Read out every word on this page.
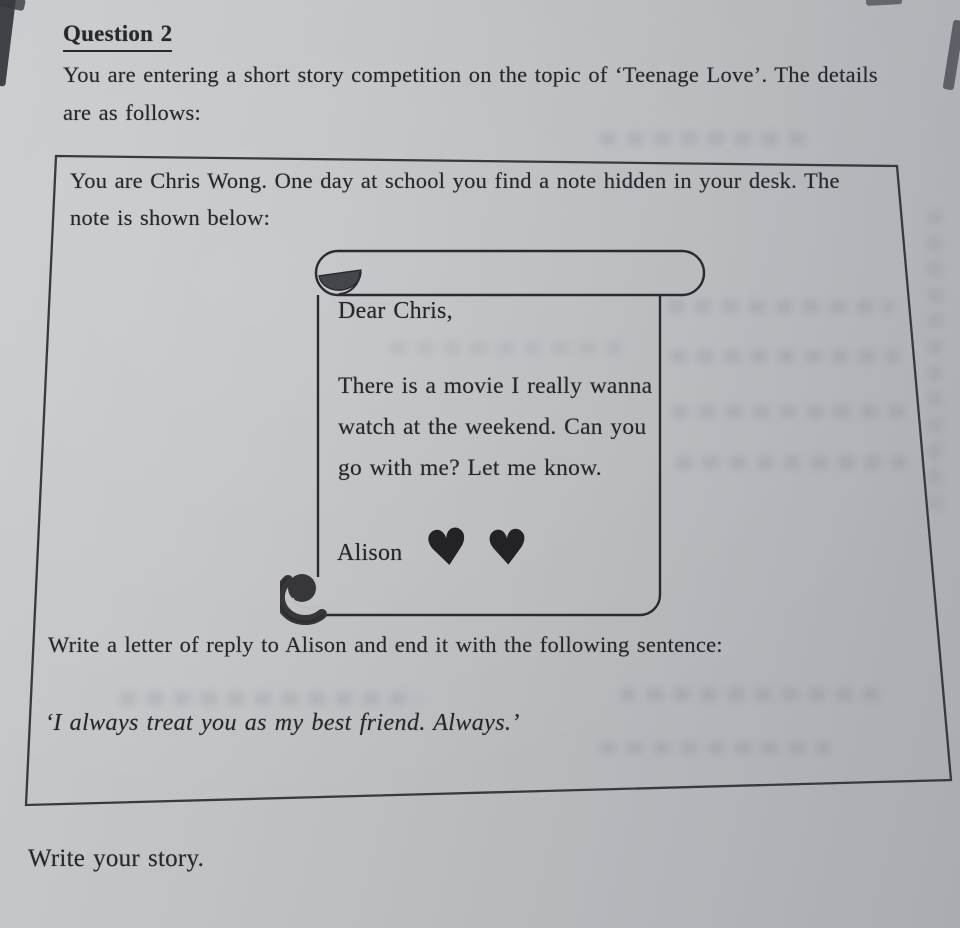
Question 2
You are entering a short story competition on the topic of ‘Teenage Love’. The details
are as follows:
You are Chris Wong. One day at school you find a note hidden in your desk. The
note is shown below:
Dear Chris,
There is a movie I really wanna
watch at the weekend. Can you
go with me? Let me know.
Alison ♥ ♥
Write a letter of reply to Alison and end it with the following sentence:
‘I always treat you as my best friend. Always.’
Write your story.
